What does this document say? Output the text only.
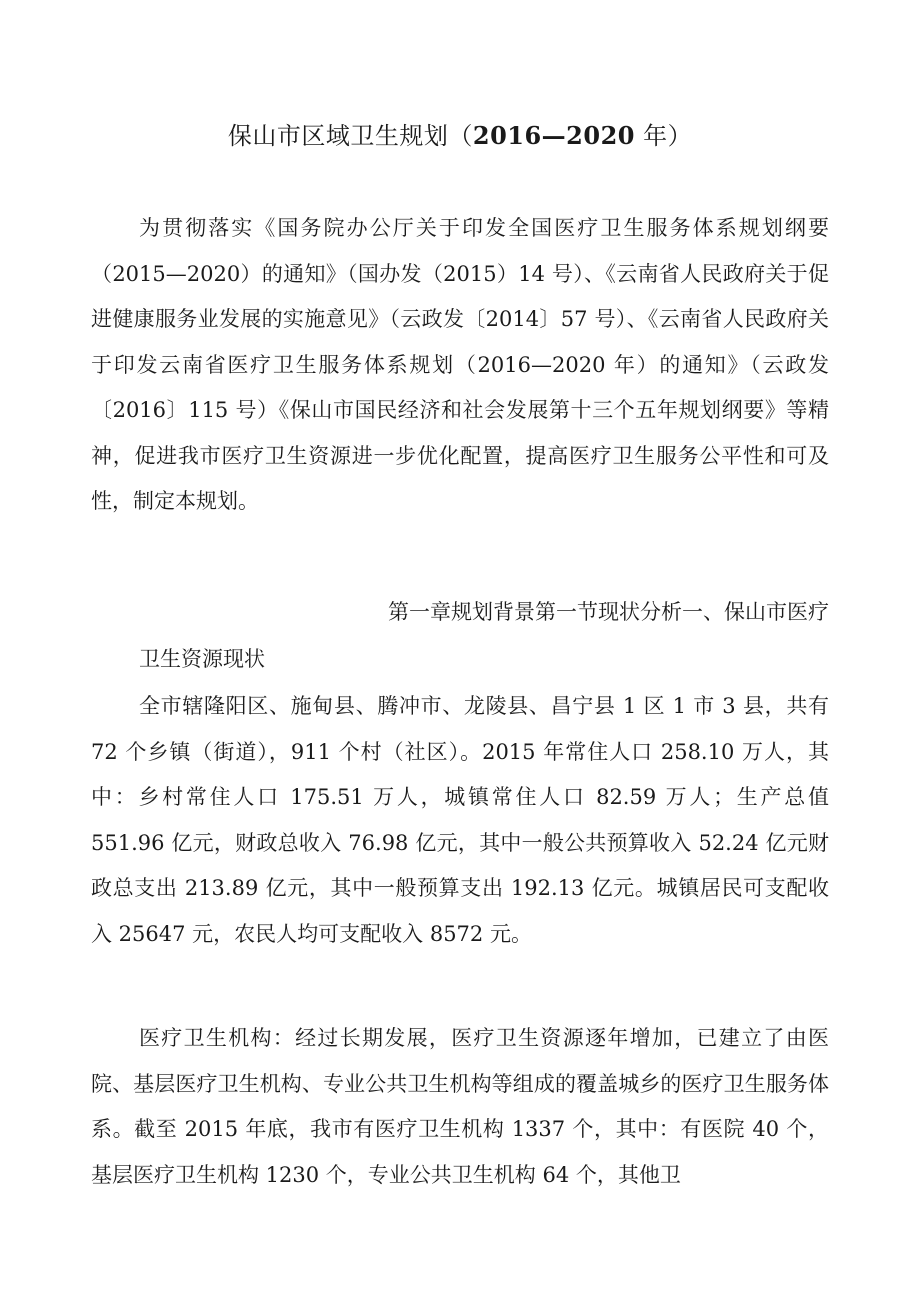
保山市区域卫生规划（2016—2020 年）

为贯彻落实《国务院办公厅关于印发全国医疗卫生服务体系规划纲要（2015—2020）的通知》（国办发（2015）14 号）、《云南省人民政府关于促进健康服务业发展的实施意见》（云政发〔2014〕57 号）、《云南省人民政府关于印发云南省医疗卫生服务体系规划（2016—2020 年）的通知》（云政发〔2016〕115 号）《保山市国民经济和社会发展第十三个五年规划纲要》等精神，促进我市医疗卫生资源进一步优化配置，提高医疗卫生服务公平性和可及性，制定本规划。

第一章规划背景第一节现状分析一、保山市医疗
卫生资源现状

全市辖隆阳区、施甸县、腾冲市、龙陵县、昌宁县 1 区 1 市 3 县，共有 72 个乡镇（街道），911 个村（社区）。2015 年常住人口 258.10 万人，其中：乡村常住人口 175.51 万人，城镇常住人口 82.59 万人；生产总值 551.96 亿元，财政总收入 76.98 亿元，其中一般公共预算收入 52.24 亿元财政总支出 213.89 亿元，其中一般预算支出 192.13 亿元。城镇居民可支配收入 25647 元，农民人均可支配收入 8572 元。

医疗卫生机构：经过长期发展，医疗卫生资源逐年增加，已建立了由医院、基层医疗卫生机构、专业公共卫生机构等组成的覆盖城乡的医疗卫生服务体系。截至 2015 年底，我市有医疗卫生机构 1337 个，其中：有医院 40 个，基层医疗卫生机构 1230 个，专业公共卫生机构 64 个，其他卫
